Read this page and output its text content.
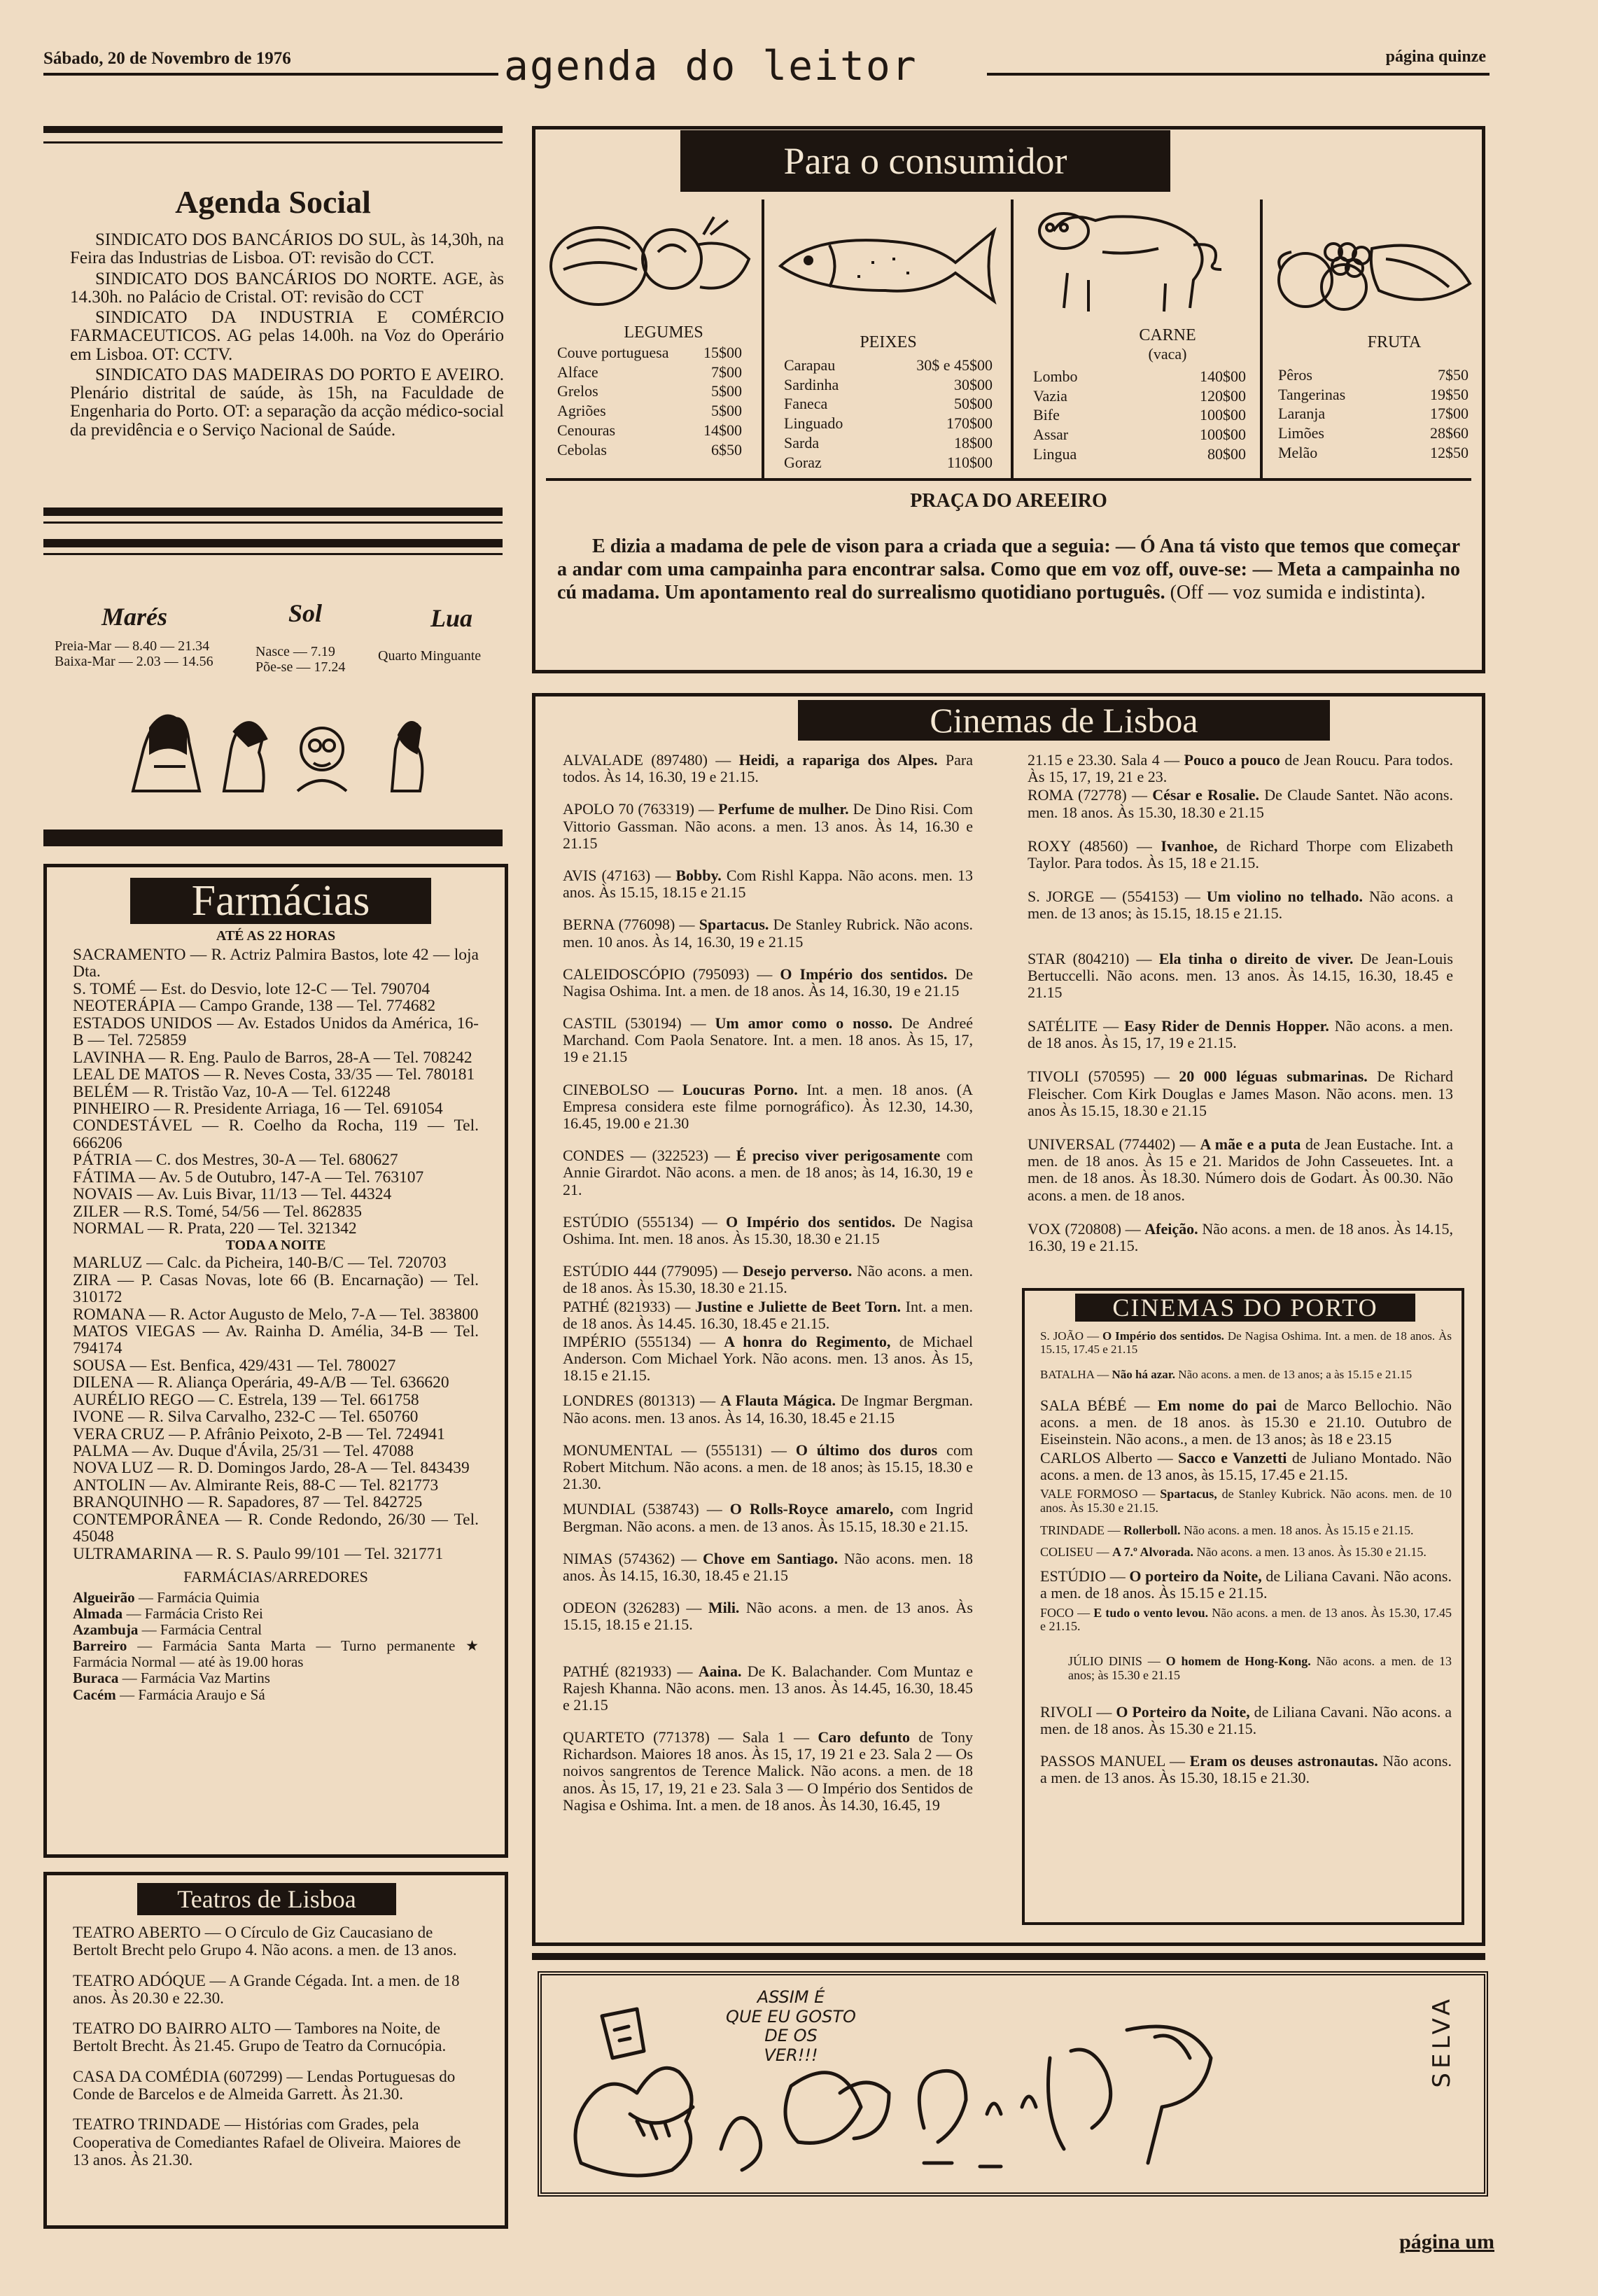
Sábado, 20 de Novembro de 1976	agenda do leitor	página quinze
Agenda Social

SINDICATO DOS BANCÁRIOS DO SUL, às 14,30h, na Feira das Industrias de Lisboa. OT: revisão do CCT.

SINDICATO DOS BANCÁRIOS DO NORTE. AGE, às 14.30h. no Palácio de Cristal. OT: revisão do CCT

SINDICATO DA INDUSTRIA E COMÉRCIO FARMACEUTICOS. AG pelas 14.00h. na Voz do Operário em Lisboa. OT: CCTV.

SINDICATO DAS MADEIRAS DO PORTO E AVEIRO. Plenário distrital de saúde, às 15h, na Faculdade de Engenharia do Porto. OT: a separação da acção médico-social da previdência e o Serviço Nacional de Saúde.

Marés	Sol	Lua
Preia-Mar — 8.40 — 21.34
Baixa-Mar — 2.03 — 14.56
Nasce — 7.19
Põe-se — 17.24
Quarto Minguante
Farmácias
ATÉ AS 22 HORAS
SACRAMENTO — R. Actriz Palmira Bastos, lote 42 — loja Dta.
S. TOMÉ — Est. do Desvio, lote 12-C — Tel. 790704
NEOTERÁPIA — Campo Grande, 138 — Tel. 774682
ESTADOS UNIDOS — Av. Estados Unidos da América, 16-B — Tel. 725859
LAVINHA — R. Eng. Paulo de Barros, 28-A — Tel. 708242
LEAL DE MATOS — R. Neves Costa, 33/35 — Tel. 780181
BELÉM — R. Tristão Vaz, 10-A — Tel. 612248
PINHEIRO — R. Presidente Arriaga, 16 — Tel. 691054
CONDESTÁVEL — R. Coelho da Rocha, 119 — Tel. 666206
PÁTRIA — C. dos Mestres, 30-A — Tel. 680627
FÁTIMA — Av. 5 de Outubro, 147-A — Tel. 763107
NOVAIS — Av. Luis Bivar, 11/13 — Tel. 44324
ZILER — R.S. Tomé, 54/56 — Tel. 862835
NORMAL — R. Prata, 220 — Tel. 321342
TODA A NOITE
MARLUZ — Calc. da Picheira, 140-B/C — Tel. 720703
ZIRA — P. Casas Novas, lote 66 (B. Encarnação) — Tel. 310172
ROMANA — R. Actor Augusto de Melo, 7-A — Tel. 383800
MATOS VIEGAS — Av. Rainha D. Amélia, 34-B — Tel. 794174
SOUSA — Est. Benfica, 429/431 — Tel. 780027
DILENA — R. Aliança Operária, 49-A/B — Tel. 636620
AURÉLIO REGO — C. Estrela, 139 — Tel. 661758
IVONE — R. Silva Carvalho, 232-C — Tel. 650760
VERA CRUZ — P. Afrânio Peixoto, 2-B — Tel. 724941
PALMA — Av. Duque d'Ávila, 25/31 — Tel. 47088
NOVA LUZ — R. D. Domingos Jardo, 28-A — Tel. 843439
ANTOLIN — Av. Almirante Reis, 88-C — Tel. 821773
BRANQUINHO — R. Sapadores, 87 — Tel. 842725
CONTEMPORÂNEA — R. Conde Redondo, 26/30 — Tel. 45048
ULTRAMARINA — R. S. Paulo 99/101 — Tel. 321771
FARMÁCIAS/ARREDORES
Algueirão — Farmácia Quimia
Almada — Farmácia Cristo Rei
Azambuja — Farmácia Central
Barreiro — Farmácia Santa Marta — Turno permanente ★ Farmácia Normal — até às 19.00 horas
Buraca — Farmácia Vaz Martins
Cacém — Farmácia Araujo e Sá
Teatros de Lisboa

TEATRO ABERTO — O Círculo de Giz Caucasiano de Bertolt Brecht pelo Grupo 4. Não acons. a men. de 13 anos.

TEATRO ADÓQUE — A Grande Cégada. Int. a men. de 18 anos. Às 20.30 e 22.30.

TEATRO DO BAIRRO ALTO — Tambores na Noite, de Bertolt Brecht. Às 21.45. Grupo de Teatro da Cornucópia.

CASA DA COMÉDIA (607299) — Lendas Portuguesas do Conde de Barcelos e de Almeida Garrett. Às 21.30.

TEATRO TRINDADE — Histórias com Grades, pela Cooperativa de Comediantes Rafael de Oliveira. Maiores de 13 anos. Às 21.30.

Para o consumidor
LEGUMES
Couve portuguesa	15$00
Alface	7$00
Grelos	5$00
Agriões	5$00
Cenouras	14$00
Cebolas	6$50
PEIXES
Carapau	30$ e 45$00
Sardinha	30$00
Faneca	50$00
Linguado	170$00
Sarda	18$00
Goraz	110$00
CARNE
(vaca)
Lombo	140$00
Vazia	120$00
Bife	100$00
Assar	100$00
Lingua	80$00
FRUTA
Pêros	7$50
Tangerinas	19$50
Laranja	17$00
Limões	28$60
Melão	12$50
PRAÇA DO AREEIRO
E dizia a madama de pele de vison para a criada que a seguia: — Ó Ana tá visto que temos que começar a andar com uma campainha para encontrar salsa. Como que em voz off, ouve-se: — Meta a campainha no cú madama. Um apontamento real do surrealismo quotidiano português. (Off — voz sumida e indistinta).
Cinemas de Lisboa

ALVALADE (897480) — Heidi, a rapariga dos Alpes. Para todos. Às 14, 16.30, 19 e 21.15.

APOLO 70 (763319) — Perfume de mulher. De Dino Risi. Com Vittorio Gassman. Não acons. a men. 13 anos. Às 14, 16.30 e 21.15

AVIS (47163) — Bobby. Com Rishl Kappa. Não acons. men. 13 anos. Às 15.15, 18.15 e 21.15

BERNA (776098) — Spartacus. De Stanley Rubrick. Não acons. men. 10 anos. Às 14, 16.30, 19 e 21.15

CALEIDOSCÓPIO (795093) — O Império dos sentidos. De Nagisa Oshima. Int. a men. de 18 anos. Às 14, 16.30, 19 e 21.15

CASTIL (530194) — Um amor como o nosso. De Andreé Marchand. Com Paola Senatore. Int. a men. 18 anos. Às 15, 17, 19 e 21.15

CINEBOLSO — Loucuras Porno. Int. a men. 18 anos. (A Empresa considera este filme pornográfico). Às 12.30, 14.30, 16.45, 19.00 e 21.30

CONDES — (322523) — É preciso viver perigosamente com Annie Girardot. Não acons. a men. de 18 anos; às 14, 16.30, 19 e 21.

ESTÚDIO (555134) — O Império dos sentidos. De Nagisa Oshima. Int. men. 18 anos. Às 15.30, 18.30 e 21.15

ESTÚDIO 444 (779095) — Desejo perverso. Não acons. a men. de 18 anos. Às 15.30, 18.30 e 21.15.

PATHÉ (821933) — Justine e Juliette de Beet Torn. Int. a men. de 18 anos. Às 14.45. 16.30, 18.45 e 21.15.

IMPÉRIO (555134) — A honra do Regimento, de Michael Anderson. Com Michael York. Não acons. men. 13 anos. Às 15, 18.15 e 21.15.

LONDRES (801313) — A Flauta Mágica. De Ingmar Bergman. Não acons. men. 13 anos. Às 14, 16.30, 18.45 e 21.15

MONUMENTAL — (555131) — O último dos duros com Robert Mitchum. Não acons. a men. de 18 anos; às 15.15, 18.30 e 21.30.

MUNDIAL (538743) — O Rolls-Royce amarelo, com Ingrid Bergman. Não acons. a men. de 13 anos. Às 15.15, 18.30 e 21.15.

NIMAS (574362) — Chove em Santiago. Não acons. men. 18 anos. Às 14.15, 16.30, 18.45 e 21.15

ODEON (326283) — Mili. Não acons. a men. de 13 anos. Às 15.15, 18.15 e 21.15.

PATHÉ (821933) — Aaina. De K. Balachander. Com Muntaz e Rajesh Khanna. Não acons. men. 13 anos. Às 14.45, 16.30, 18.45 e 21.15

QUARTETO (771378) — Sala 1 — Caro defunto de Tony Richardson. Maiores 18 anos. Às 15, 17, 19 21 e 23. Sala 2 — Os noivos sangrentos de Terence Malick. Não acons. a men. de 18 anos. Às 15, 17, 19, 21 e 23. Sala 3 — O Império dos Sentidos de Nagisa e Oshima. Int. a men. de 18 anos. Às 14.30, 16.45, 19

21.15 e 23.30. Sala 4 — Pouco a pouco de Jean Roucu. Para todos. Às 15, 17, 19, 21 e 23.

ROMA (72778) — César e Rosalie. De Claude Santet. Não acons. men. 18 anos. Às 15.30, 18.30 e 21.15

ROXY (48560) — Ivanhoe, de Richard Thorpe com Elizabeth Taylor. Para todos. Às 15, 18 e 21.15.

S. JORGE — (554153) — Um violino no telhado. Não acons. a men. de 13 anos; às 15.15, 18.15 e 21.15.

STAR (804210) — Ela tinha o direito de viver. De Jean-Louis Bertuccelli. Não acons. men. 13 anos. Às 14.15, 16.30, 18.45 e 21.15

SATÉLITE — Easy Rider de Dennis Hopper. Não acons. a men. de 18 anos. Às 15, 17, 19 e 21.15.

TIVOLI (570595) — 20 000 léguas submarinas. De Richard Fleischer. Com Kirk Douglas e James Mason. Não acons. men. 13 anos Às 15.15, 18.30 e 21.15

UNIVERSAL (774402) — A mãe e a puta de Jean Eustache. Int. a men. de 18 anos. Às 15 e 21. Maridos de John Casseuetes. Int. a men. de 18 anos. Às 18.30. Número dois de Godart. Às 00.30. Não acons. a men. de 18 anos.

VOX (720808) — Afeição. Não acons. a men. de 18 anos. Às 14.15, 16.30, 19 e 21.15.

CINEMAS DO PORTO

S. JOÃO — O Império dos sentidos. De Nagisa Oshima. Int. a men. de 18 anos. Às 15.15, 17.45 e 21.15

BATALHA — Não há azar. Não acons. a men. de 13 anos; a às 15.15 e 21.15

SALA BÉBÉ — Em nome do pai de Marco Bellochio. Não acons. a men. de 18 anos. às 15.30 e 21.10. Outubro de Eiseinstein. Não acons., a men. de 13 anos; às 18 e 23.15

CARLOS Alberto — Sacco e Vanzetti de Juliano Montado. Não acons. a men. de 13 anos, às 15.15, 17.45 e 21.15.

VALE FORMOSO — Spartacus, de Stanley Kubrick. Não acons. men. de 10 anos. Às 15.30 e 21.15.

TRINDADE — Rollerboll. Não acons. a men. 18 anos. Às 15.15 e 21.15.

COLISEU — A 7.º Alvorada. Não acons. a men. 13 anos. Às 15.30 e 21.15.

ESTÚDIO — O porteiro da Noite, de Liliana Cavani. Não acons. a men. de 18 anos. Às 15.15 e 21.15.

FOCO — E tudo o vento levou. Não acons. a men. de 13 anos. Às 15.30, 17.45 e 21.15.

JÚLIO DINIS — O homem de Hong-Kong. Não acons. a men. de 13 anos; às 15.30 e 21.15

RIVOLI — O Porteiro da Noite, de Liliana Cavani. Não acons. a men. de 18 anos. Às 15.30 e 21.15.

PASSOS MANUEL — Eram os deuses astronautas. Não acons. a men. de 13 anos. Às 15.30, 18.15 e 21.30.

ASSIM É
QUE EU GOSTO
DE OS
VER!!!	SELVA
página um
